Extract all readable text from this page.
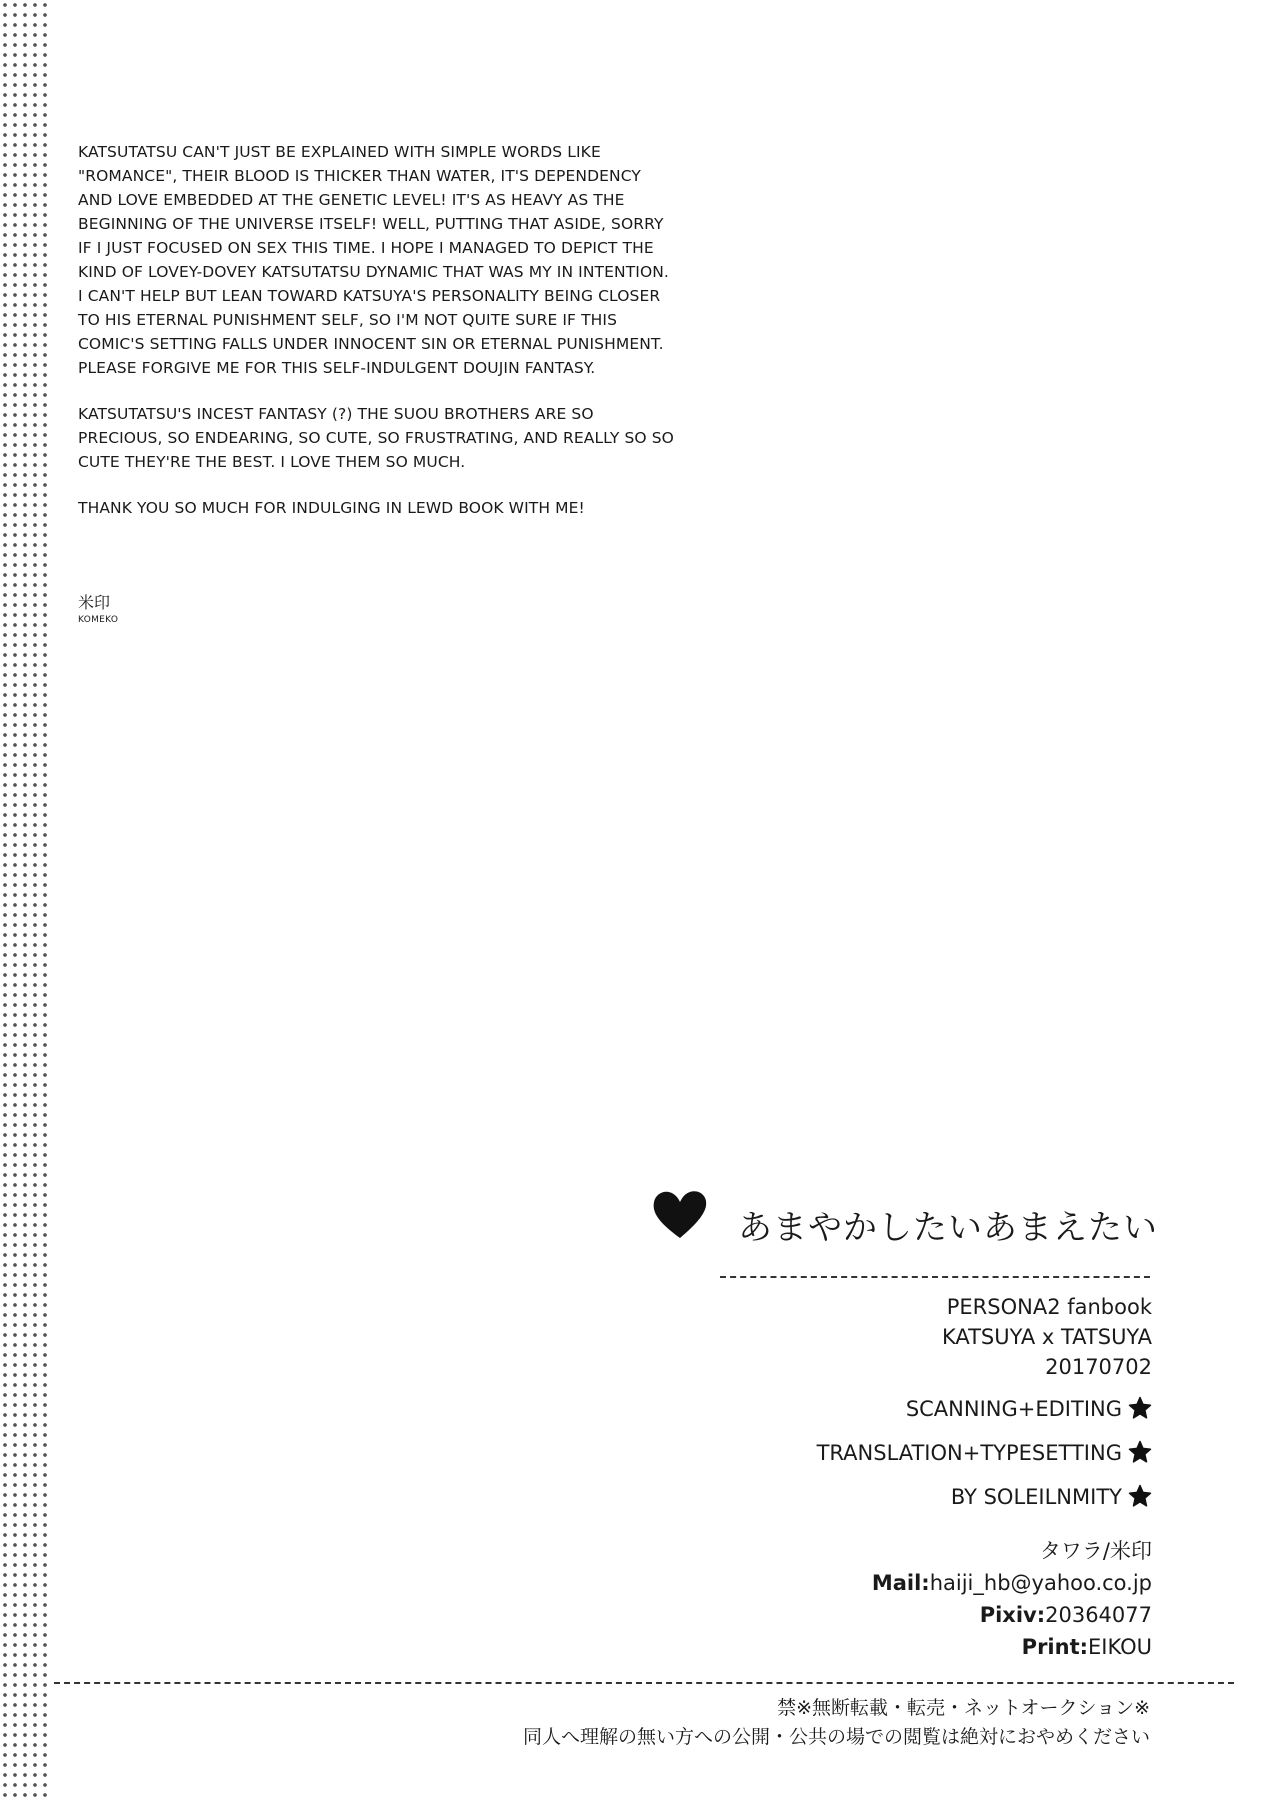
KATSUTATSU CAN'T JUST BE EXPLAINED WITH SIMPLE WORDS LIKE "ROMANCE", THEIR BLOOD IS THICKER THAN WATER, IT'S DEPENDENCY AND LOVE EMBEDDED AT THE GENETIC LEVEL! IT'S AS HEAVY AS THE BEGINNING OF THE UNIVERSE ITSELF! WELL, PUTTING THAT ASIDE, SORRY IF I JUST FOCUSED ON SEX THIS TIME. I HOPE I MANAGED TO DEPICT THE KIND OF LOVEY-DOVEY KATSUTATSU DYNAMIC THAT WAS MY IN INTENTION. I CAN'T HELP BUT LEAN TOWARD KATSUYA'S PERSONALITY BEING CLOSER TO HIS ETERNAL PUNISHMENT SELF, SO I'M NOT QUITE SURE IF THIS COMIC'S SETTING FALLS UNDER INNOCENT SIN OR ETERNAL PUNISHMENT. PLEASE FORGIVE ME FOR THIS SELF-INDULGENT DOUJIN FANTASY.

KATSUTATSU'S INCEST FANTASY (?) THE SUOU BROTHERS ARE SO PRECIOUS, SO ENDEARING, SO CUTE, SO FRUSTRATING, AND REALLY SO SO CUTE THEY'RE THE BEST. I LOVE THEM SO MUCH.

THANK YOU SO MUCH FOR INDULGING IN LEWD BOOK WITH ME!

米印
KOMEKO
あまやかしたいあまえたい
PERSONA2 fanbook
KATSUYA x TATSUYA
20170702
SCANNING+EDITING
TRANSLATION+TYPESETTING
BY SOLEILNMITY
タワラ/米印
Mail:haiji_hb@yahoo.co.jp
Pixiv:20364077
Print:EIKOU
禁※無断転載・転売・ネットオークション※
同人へ理解の無い方への公開・公共の場での閲覧は絶対におやめください
